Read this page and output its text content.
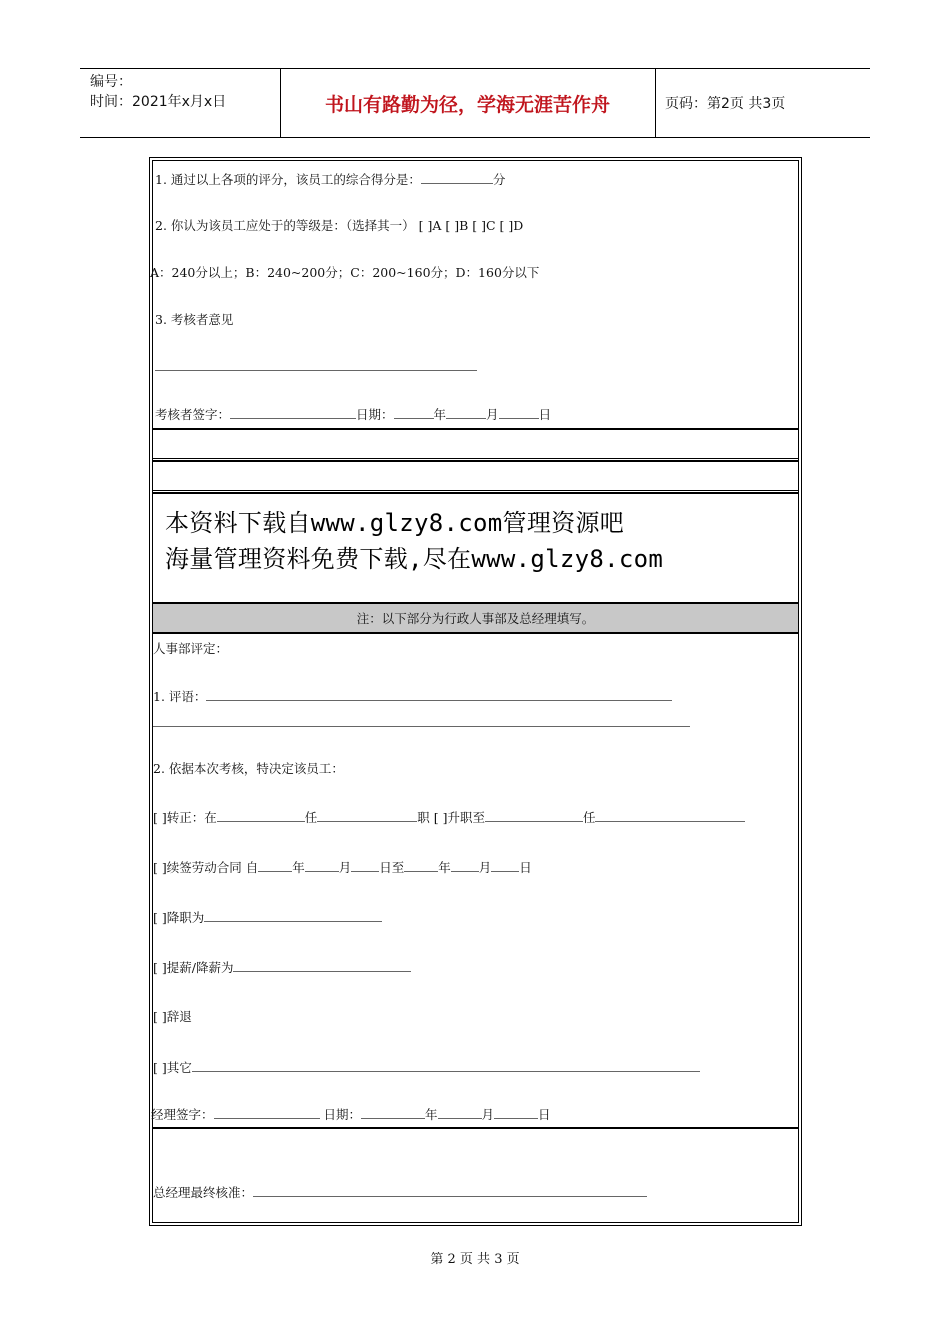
编号：
时间：2021年x月x日	书山有路勤为径，学海无涯苦作舟	页码：第2页 共3页
1. 通过以上各项的评分，该员工的综合得分是：	分
2. 你认为该员工应处于的等级是：（选择其一） [ ]A [ ]B [ ]C [ ]D
A：240分以上；B：240~200分；C：200~160分；D：160分以下
3. 考核者意见
考核者签字：	日期：	年	月	日
本资料下载自www.glzy8.com管理资源吧
海量管理资料免费下载,尽在www.glzy8.com
注：以下部分为行政人事部及总经理填写。
人事部评定：
1. 评语：
2. 依据本次考核，特决定该员工：
[ ]转正：在	任	职 [ ]升职至	任
[ ]续签劳动合同 自	年	月 日至	年 月 日
[ ]降职为
[ ]提薪/降薪为
[ ]辞退
[ ]其它
经理签字：	日期：	年	月	日
总经理最终核准：
第 2 页 共 3 页
